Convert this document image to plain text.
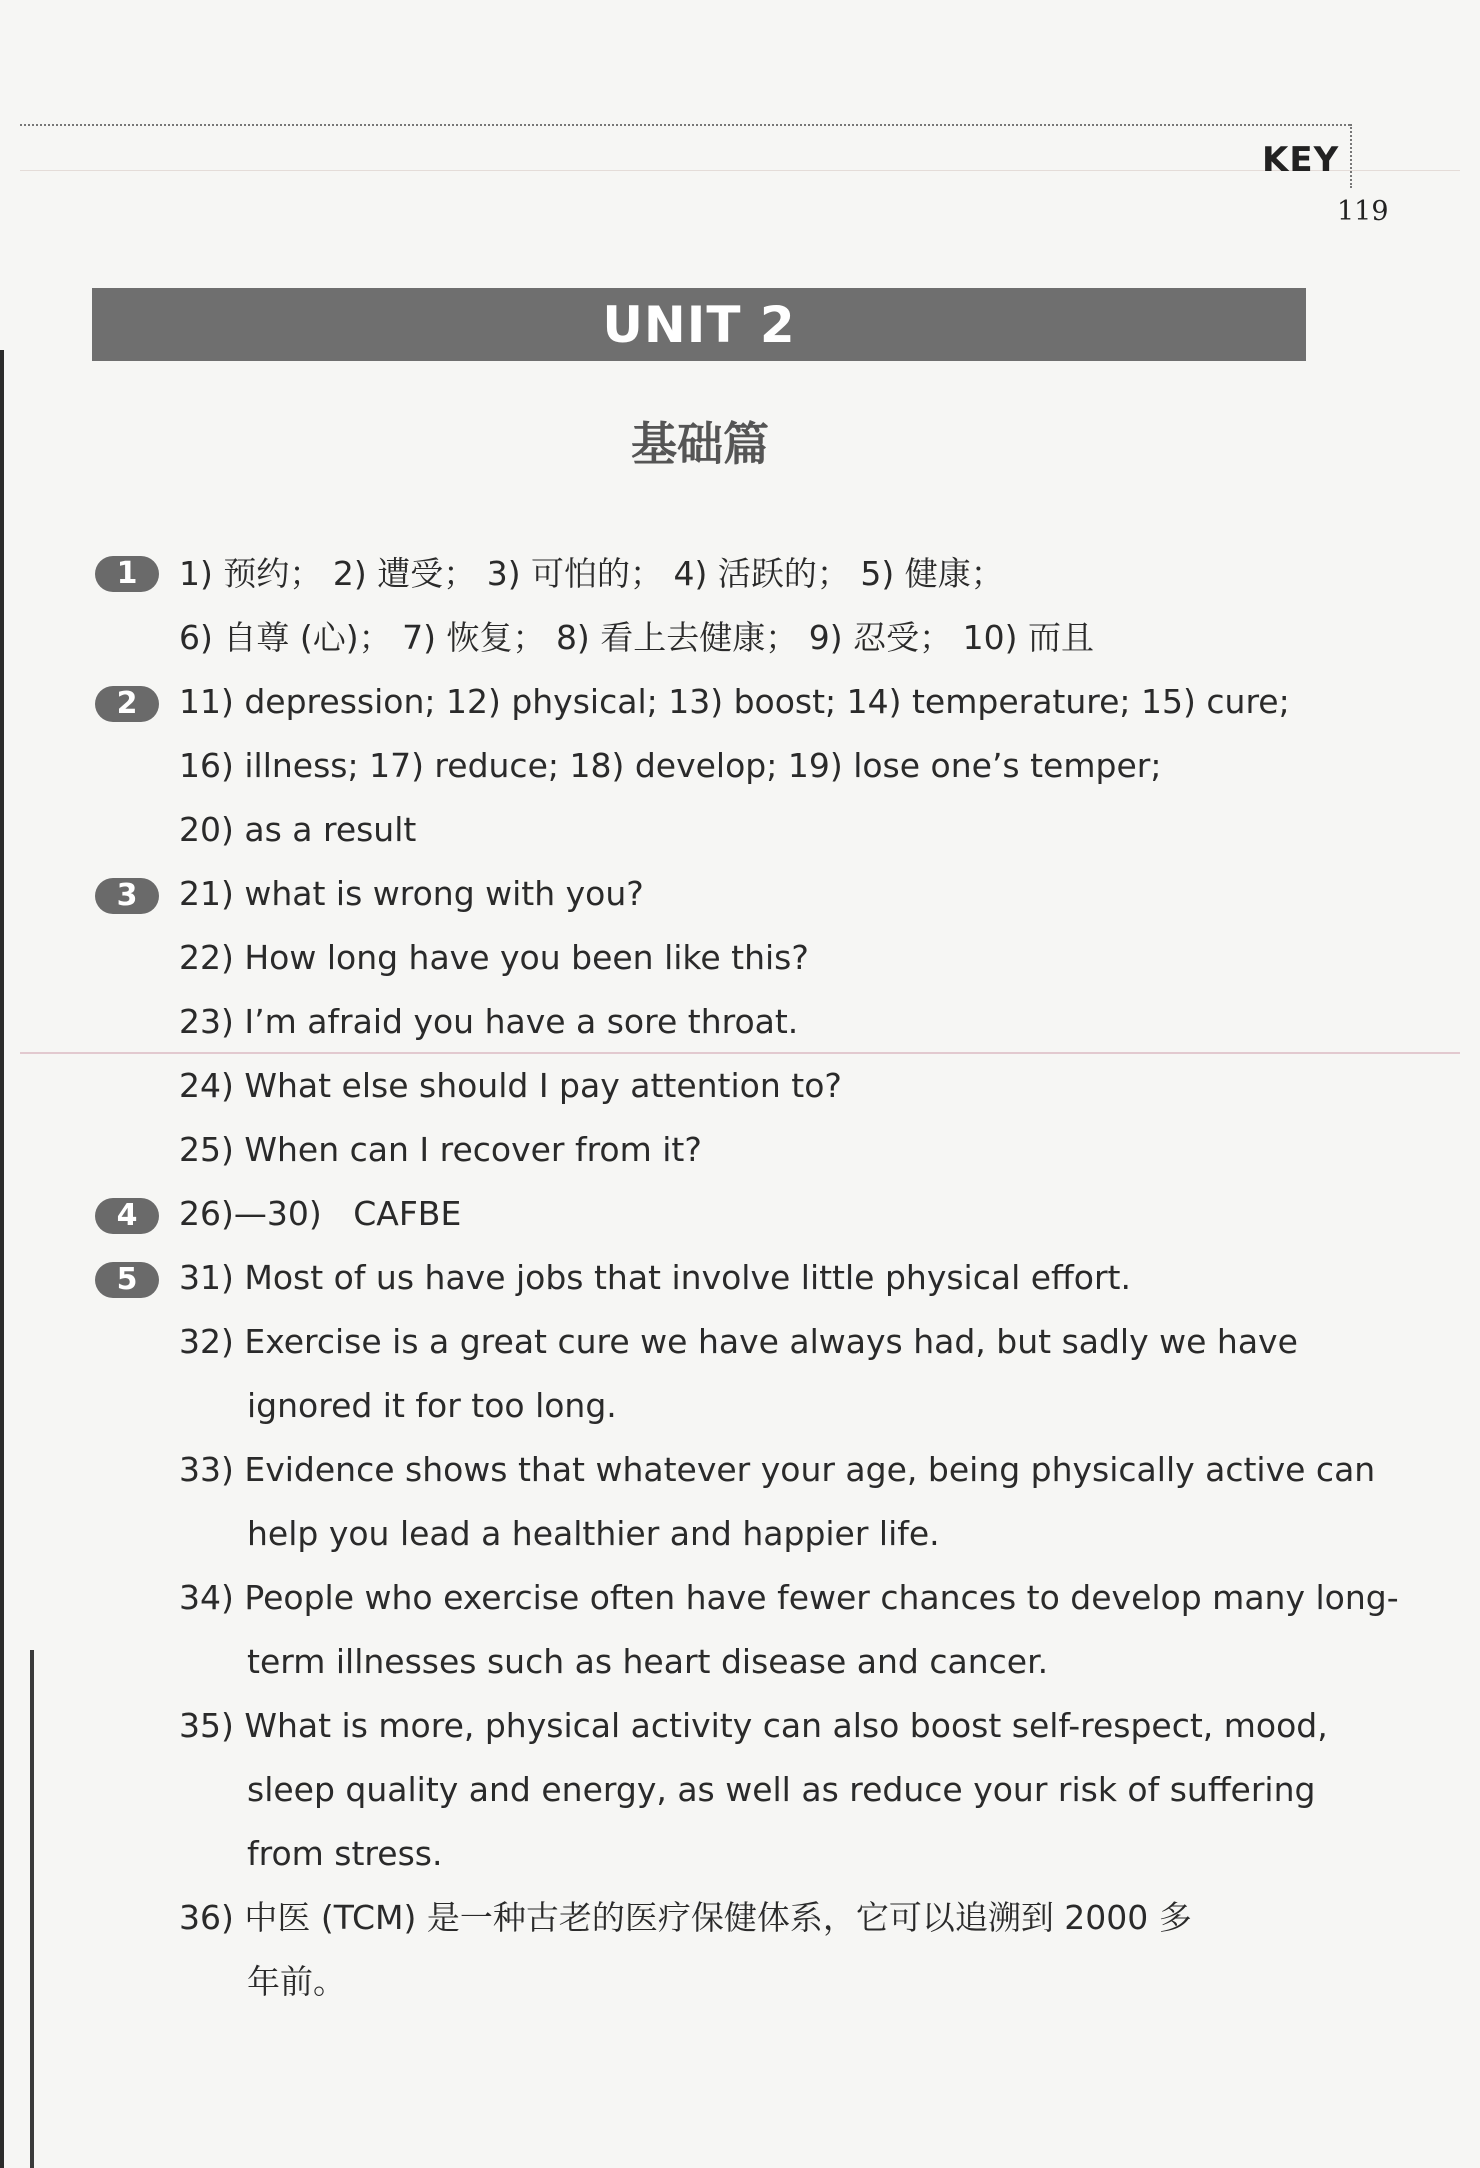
KEY
119
UNIT 2
基础篇
1	1) 预约； 2) 遭受； 3) 可怕的； 4) 活跃的； 5) 健康；
6) 自尊 (心)； 7) 恢复； 8) 看上去健康； 9) 忍受； 10) 而且
2	11) depression; 12) physical; 13) boost; 14) temperature; 15) cure;
16) illness; 17) reduce; 18) develop; 19) lose one’s temper;
20) as a result
3	21) what is wrong with you?
22) How long have you been like this?
23) I’m afraid you have a sore throat.
24) What else should I pay attention to?
25) When can I recover from it?
4	26)—30)   CAFBE
5	31) Most of us have jobs that involve little physical effort.
32) Exercise is a great cure we have always had, but sadly we have
ignored it for too long.
33) Evidence shows that whatever your age, being physically active can
help you lead a healthier and happier life.
34) People who exercise often have fewer chances to develop many long-
term illnesses such as heart disease and cancer.
35) What is more, physical activity can also boost self-respect, mood,
sleep quality and energy, as well as reduce your risk of suffering
from stress.
36) 中医 (TCM) 是一种古老的医疗保健体系，它可以追溯到 2000 多
年前。
